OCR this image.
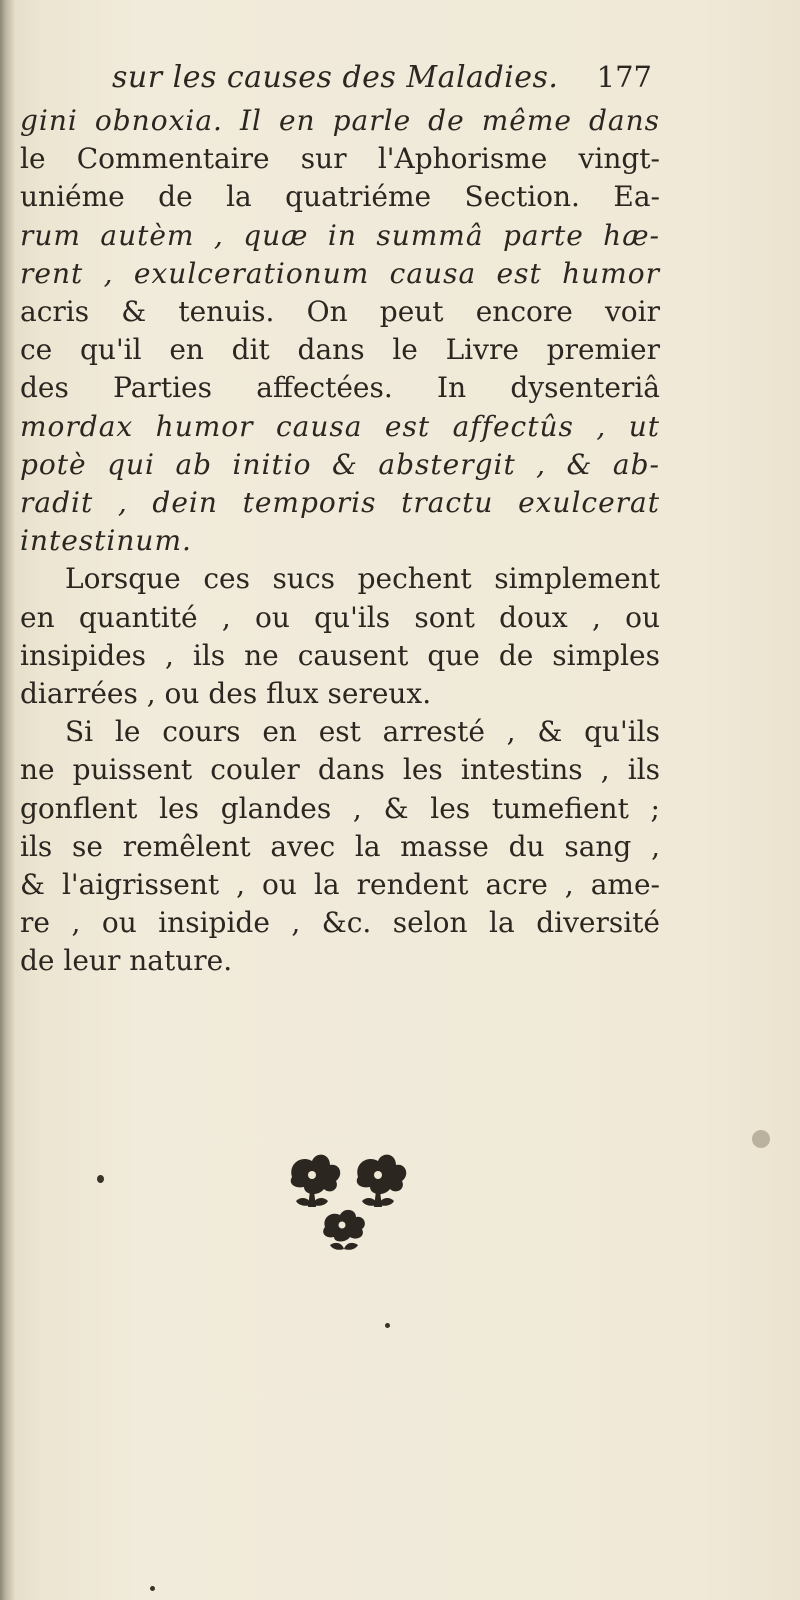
sur les causes des Maladies. 177
gini obnoxia. Il en parle de même dans
le Commentaire sur l'Aphorisme vingt-
uniéme de la quatriéme Section. Ea-
rum autèm , quæ in summâ parte hæ-
rent , exulcerationum causa est humor
acris & tenuis. On peut encore voir
ce qu'il en dit dans le Livre premier
des Parties affectées. In dysenteriâ
mordax humor causa est affectûs , ut
potè qui ab initio & abstergit , & ab-
radit , dein temporis tractu exulcerat
intestinum.
Lorsque ces sucs pechent simplement
en quantité , ou qu'ils sont doux , ou
insipides , ils ne causent que de simples
diarrées , ou des flux sereux.
Si le cours en est arresté , & qu'ils
ne puissent couler dans les intestins , ils
gonflent les glandes , & les tumefient ;
ils se remêlent avec la masse du sang ,
& l'aigrissent , ou la rendent acre , ame-
re , ou insipide , &c. selon la diversité
de leur nature.
